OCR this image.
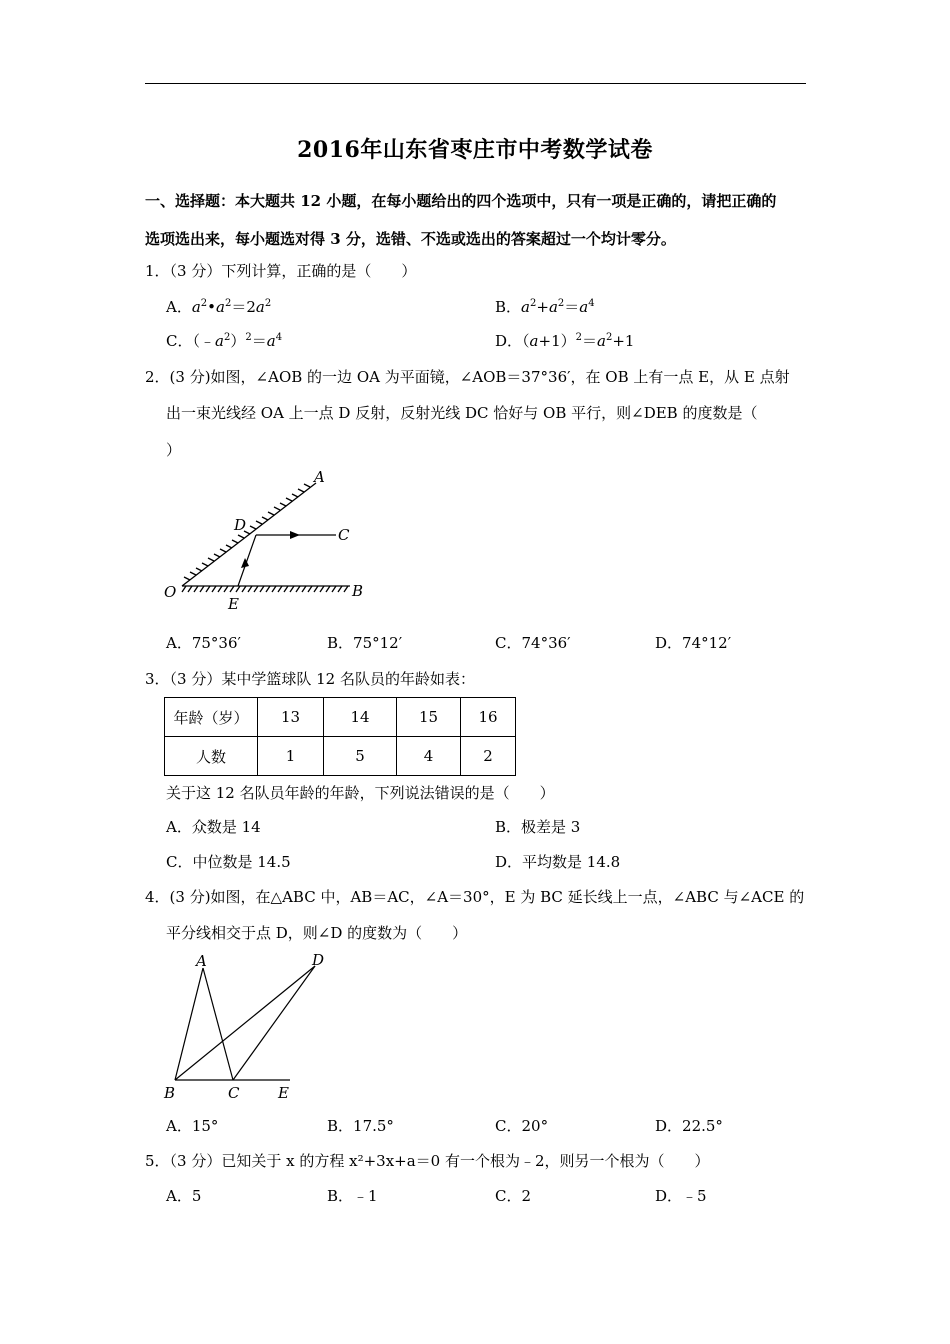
2016年山东省枣庄市中考数学试卷
一、选择题：本大题共 12 小题，在每小题给出的四个选项中，只有一项是正确的，请把正确的
选项选出来，每小题选对得 3 分，选错、不选或选出的答案超过一个均计零分。
1．（3 分）下列计算，正确的是（　　）
A．$a^2•a^2=2a^2$	B．$a^2+a^2=a^4$
C．$(﹣a^2)^2=a^4$	D．$(a+1)^2=a^2+1$
2．(3 分)如图，∠AOB 的一边 OA 为平面镜，∠AOB＝37°36′，在 OB 上有一点 E，从 E 点射
出一束光线经 OA 上一点 D 反射，反射光线 DC 恰好与 OB 平行，则∠DEB 的度数是（
）
A
D
C
O
E
B
A．75°36′	B．75°12′	C．74°36′	D．74°12′
3．（3 分）某中学篮球队 12 名队员的年龄如表：
年龄（岁）	13	14	15	16
人数	1	5	4	2
关于这 12 名队员年龄的年龄，下列说法错误的是（　　）
A．众数是 14	B．极差是 3
C．中位数是 14.5	D．平均数是 14.8
4．(3 分)如图，在△ABC 中，AB＝AC，∠A＝30°，E 为 BC 延长线上一点，∠ABC 与∠ACE 的
平分线相交于点 D，则∠D 的度数为（　　）
A	D
B	C	E
A．15°	B．17.5°	C．20°	D．22.5°
5．（3 分）已知关于 x 的方程 x²+3x+a＝0 有一个根为﹣2，则另一个根为（　　）
A．5	B．﹣1	C．2	D．﹣5
